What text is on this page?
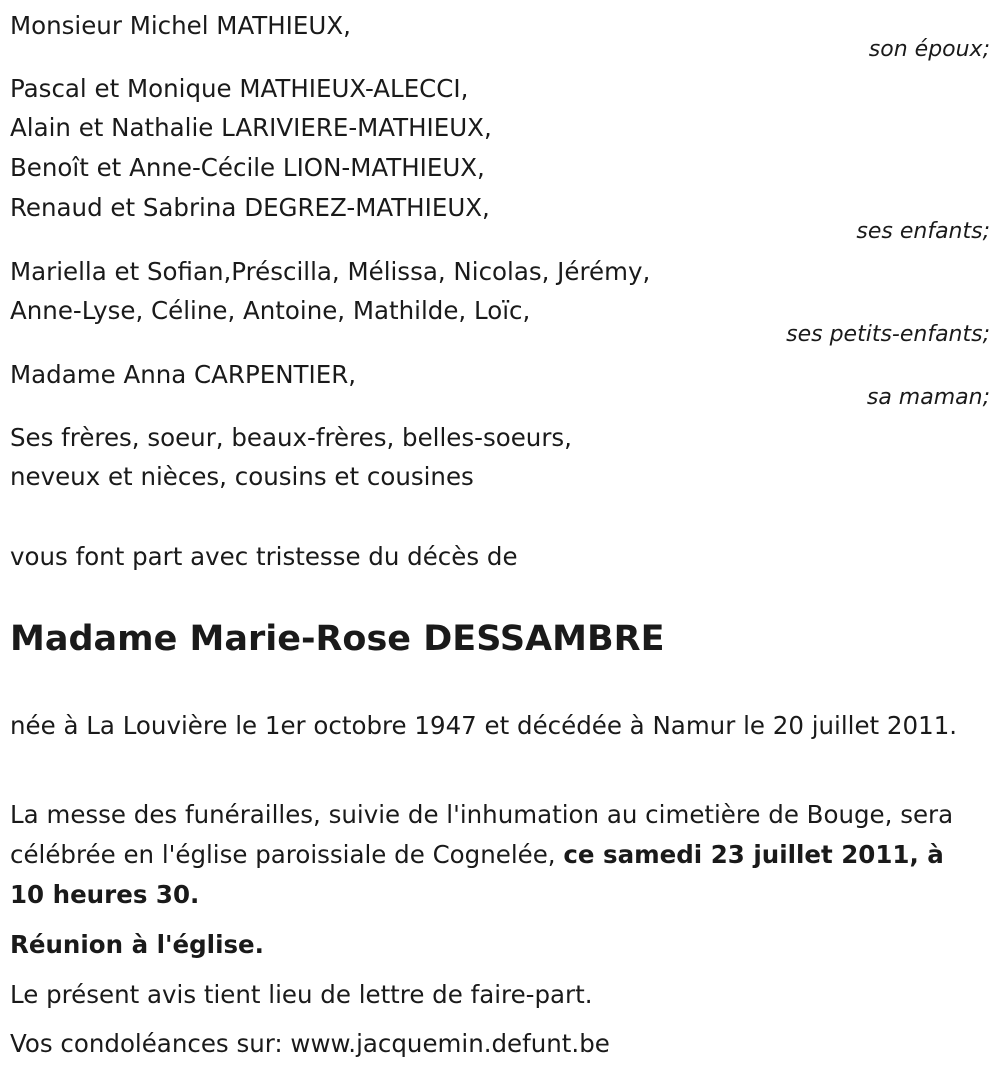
Monsieur Michel MATHIEUX,
son époux;
Pascal et Monique MATHIEUX-ALECCI,
Alain et Nathalie LARIVIERE-MATHIEUX,
Benoît et Anne-Cécile LION-MATHIEUX,
Renaud et Sabrina DEGREZ-MATHIEUX,
ses enfants;
Mariella et Sofian,Préscilla, Mélissa, Nicolas, Jérémy,
Anne-Lyse, Céline, Antoine, Mathilde, Loïc,
ses petits-enfants;
Madame Anna CARPENTIER,
sa maman;
Ses frères, soeur, beaux-frères, belles-soeurs,
neveux et nièces, cousins et cousines
vous font part avec tristesse du décès de
Madame Marie-Rose DESSAMBRE
née à La Louvière le 1er octobre 1947 et décédée à Namur le 20 juillet 2011.
La messe des funérailles, suivie de l'inhumation au cimetière de Bouge, sera célébrée en l'église paroissiale de Cognelée, ce samedi 23 juillet 2011, à 10 heures 30.
Réunion à l'église.
Le présent avis tient lieu de lettre de faire-part.
Vos condoléances sur: www.jacquemin.defunt.be
